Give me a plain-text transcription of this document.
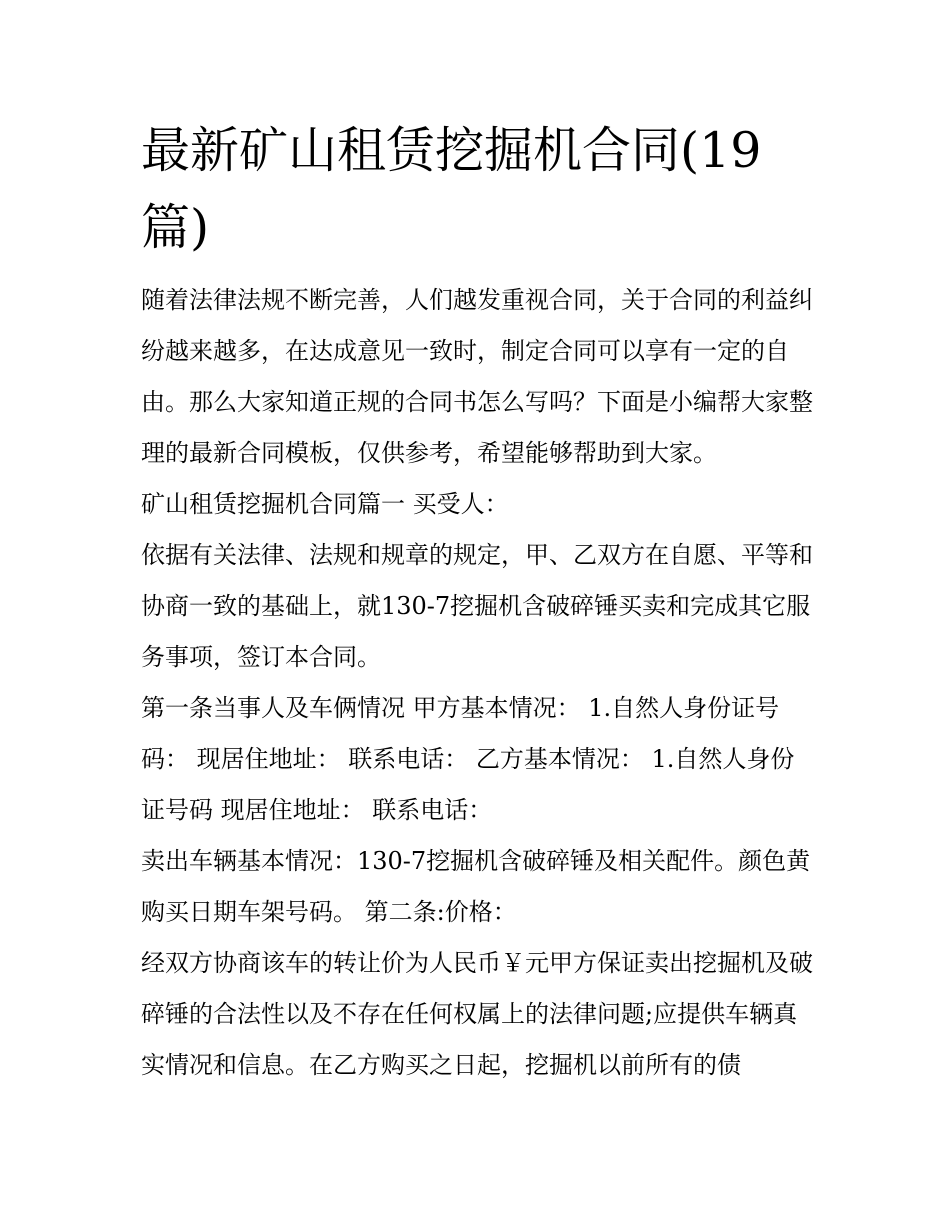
最新矿山租赁挖掘机合同(19篇)

随着法律法规不断完善，人们越发重视合同，关于合同的利益纠纷越来越多，在达成意见一致时，制定合同可以享有一定的自由。那么大家知道正规的合同书怎么写吗？下面是小编帮大家整理的最新合同模板，仅供参考，希望能够帮助到大家。

矿山租赁挖掘机合同篇一 买受人：

依据有关法律、法规和规章的规定，甲、乙双方在自愿、平等和协商一致的基础上，就130-7挖掘机含破碎锤买卖和完成其它服务事项，签订本合同。

第一条当事人及车俩情况 甲方基本情况： 1.自然人身份证号码： 现居住地址： 联系电话： 乙方基本情况： 1.自然人身份证号码 现居住地址： 联系电话：

卖出车辆基本情况：130-7挖掘机含破碎锤及相关配件。颜色黄购买日期车架号码。 第二条:价格：

经双方协商该车的转让价为人民币￥元甲方保证卖出挖掘机及破碎锤的合法性以及不存在任何权属上的法律问题;应提供车辆真实情况和信息。在乙方购买之日起，挖掘机以前所有的债
